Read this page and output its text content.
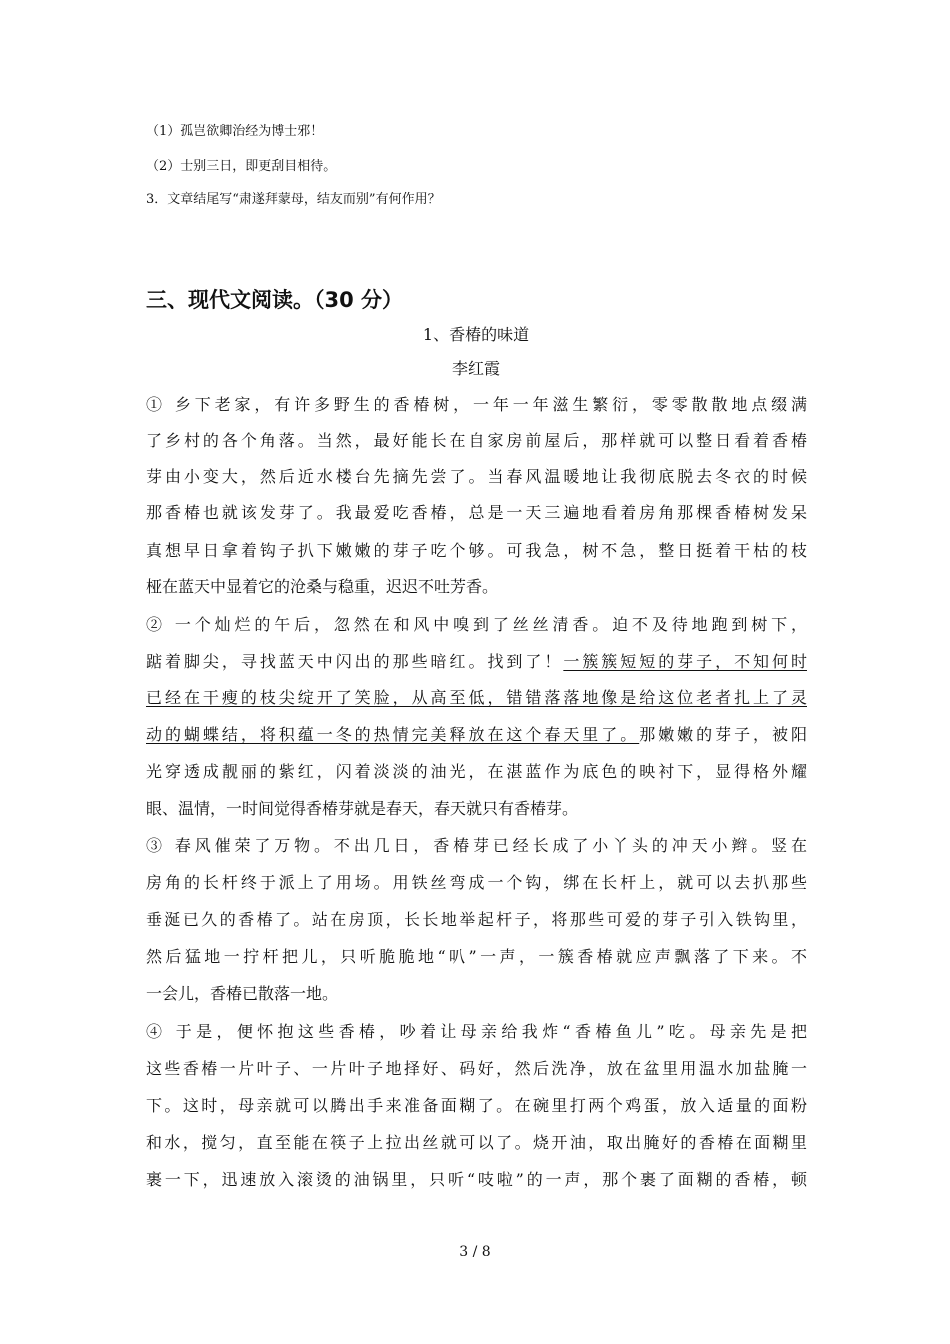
（1）孤岂欲卿治经为博士邪！
（2）士别三日，即更刮目相待。
3．文章结尾写“肃遂拜蒙母，结友而别”有何作用？
三、现代文阅读。（30 分）
1、香椿的味道
李红霞
① 乡下老家，有许多野生的香椿树，一年一年滋生繁衍，零零散散地点缀满
了乡村的各个角落。当然，最好能长在自家房前屋后，那样就可以整日看着香椿
芽由小变大，然后近水楼台先摘先尝了。当春风温暖地让我彻底脱去冬衣的时候
那香椿也就该发芽了。我最爱吃香椿，总是一天三遍地看着房角那棵香椿树发呆
真想早日拿着钩子扒下嫩嫩的芽子吃个够。可我急，树不急，整日挺着干枯的枝
桠在蓝天中显着它的沧桑与稳重，迟迟不吐芳香。
② 一个灿烂的午后，忽然在和风中嗅到了丝丝清香。迫不及待地跑到树下，
踮着脚尖，寻找蓝天中闪出的那些暗红。找到了！一簇簇短短的芽子，不知何时
已经在干瘦的枝尖绽开了笑脸，从高至低，错错落落地像是给这位老者扎上了灵
动的蝴蝶结，将积蕴一冬的热情完美释放在这个春天里了。那嫩嫩的芽子，被阳
光穿透成靓丽的紫红，闪着淡淡的油光，在湛蓝作为底色的映衬下，显得格外耀
眼、温情，一时间觉得香椿芽就是春天，春天就只有香椿芽。
③ 春风催荣了万物。不出几日，香椿芽已经长成了小丫头的冲天小辫。竖在
房角的长杆终于派上了用场。用铁丝弯成一个钩，绑在长杆上，就可以去扒那些
垂涎已久的香椿了。站在房顶，长长地举起杆子，将那些可爱的芽子引入铁钩里，
然后猛地一拧杆把儿，只听脆脆地“叭”一声，一簇香椿就应声飘落了下来。不
一会儿，香椿已散落一地。
④ 于是，便怀抱这些香椿，吵着让母亲给我炸“香椿鱼儿”吃。母亲先是把
这些香椿一片叶子、一片叶子地择好、码好，然后洗净，放在盆里用温水加盐腌一
下。这时，母亲就可以腾出手来准备面糊了。在碗里打两个鸡蛋，放入适量的面粉
和水，搅匀，直至能在筷子上拉出丝就可以了。烧开油，取出腌好的香椿在面糊里
裹一下，迅速放入滚烫的油锅里，只听“吱啦”的一声，那个裹了面糊的香椿，顿
3 / 8
